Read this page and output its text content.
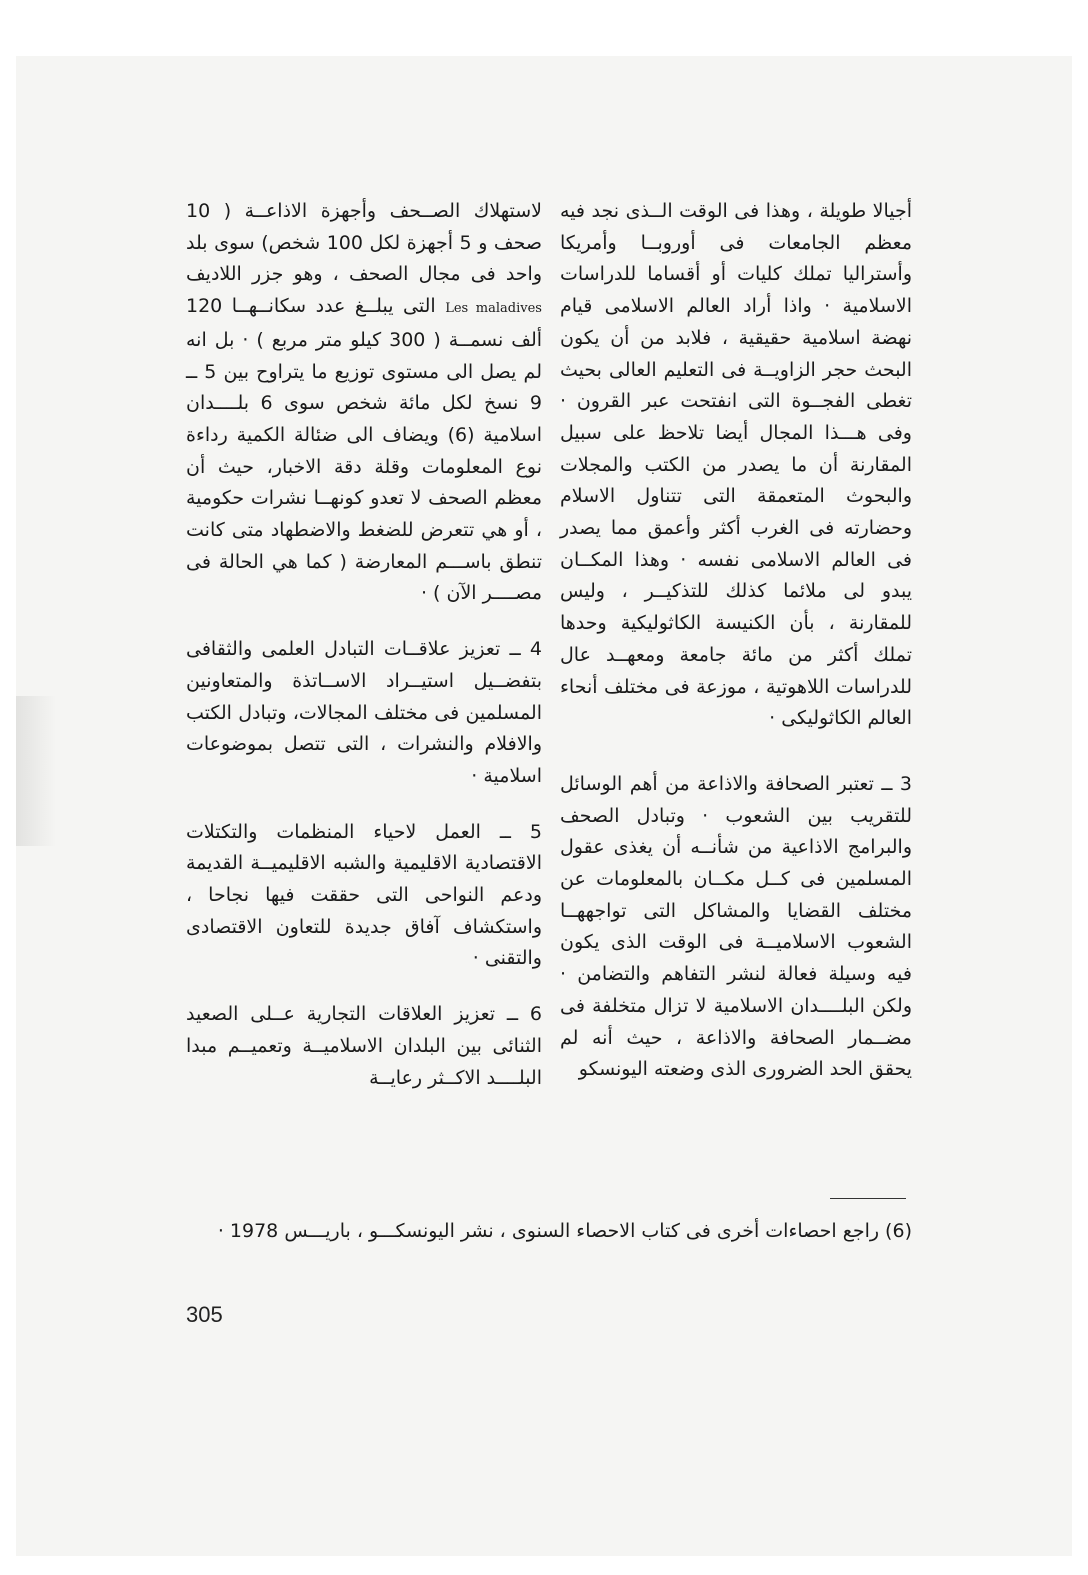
أجيالا طويلة ، وهذا فى الوقت الــذى نجد فيه معظم الجامعات فى أوروبــا وأمريكا وأستراليا تملك كليات أو أقساما للدراسات الاسلامية · واذا أراد العالم الاسلامى قيام نهضة اسلامية حقيقية ، فلابد من أن يكون البحث حجر الزاويــة فى التعليم العالى بحيث تغطى الفجــوة التى انفتحت عبر القرون · وفى هـــذا المجال أيضا تلاحظ على سبيل المقارنة أن ما يصدر من الكتب والمجلات والبحوث المتعمقة التى تتناول الاسلام وحضارته فى الغرب أكثر وأعمق مما يصدر فى العالم الاسلامى نفسه · وهذا المكــان يبدو لى ملائما كذلك للتذكيــر ، وليس للمقارنة ، بأن الكنيسة الكاثوليكية وحدها تملك أكثر من مائة جامعة ومعهــد عال للدراسات اللاهوتية ، موزعة فى مختلف أنحاء العالم الكاثوليكى ·

3 ــ تعتبر الصحافة والاذاعة من أهم الوسائل للتقريب بين الشعوب · وتبادل الصحف والبرامج الاذاعية من شأنــه أن يغذى عقول المسلمين فى كــل مكــان بالمعلومات عن مختلف القضايا والمشاكل التى تواجههــا الشعوب الاسلاميــة فى الوقت الذى يكون فيه وسيلة فعالة لنشر التفاهم والتضامن · ولكن البلــــدان الاسلامية لا تزال متخلفة فى مضــمار الصحافة والاذاعة ، حيث أنه لم يحقق الحد الضرورى الذى وضعته اليونسكو

لاستهلاك الصــحف وأجهزة الاذاعــة ( 10 صحف و 5 أجهزة لكل 100 شخص) سوى بلد واحد فى مجال الصحف ، وهو جزر اللاديف Les maladives التى يبلــغ عدد سكانــهــا 120 ألف نسمــة ( 300 كيلو متر مربع ) · بل انه لم يصل الى مستوى توزيع ما يتراوح بين 5 ــ 9 نسخ لكل مائة شخص سوى 6 بلــــدان اسلامية (6) ويضاف الى ضئالة الكمية رداءة نوع المعلومات وقلة دقة الاخبار، حيث أن معظم الصحف لا تعدو كونهــا نشرات حكومية ، أو هي تتعرض للضغط والاضطهاد متى كانت تنطق باســـم المعارضة ( كما هي الحالة فى مصــــر الآن ) ·

4 ــ تعزيز علاقــات التبادل العلمى والثقافى بتفضــيل استيــراد الاســاتذة والمتعاونين المسلمين فى مختلف المجالات، وتبادل الكتب والافلام والنشرات ، التى تتصل بموضوعات اسلامية ·

5 ــ العمل لاحياء المنظمات والتكتلات الاقتصادية الاقليمية والشبه الاقليميــة القديمة ودعم النواحى التى حققت فيها نجاحا ، واستكشاف آفاق جديدة للتعاون الاقتصادى والتقنى ·

6 ــ تعزيز العلاقات التجارية عــلى الصعيد الثنائى بين البلدان الاسلاميــة وتعميــم مبدا البلــــد الاكــثر رعايــة

(6) راجع احصاءات أخرى فى كتاب الاحصاء السنوى ، نشر اليونسكـــو ، باريـــس 1978 ·
305
